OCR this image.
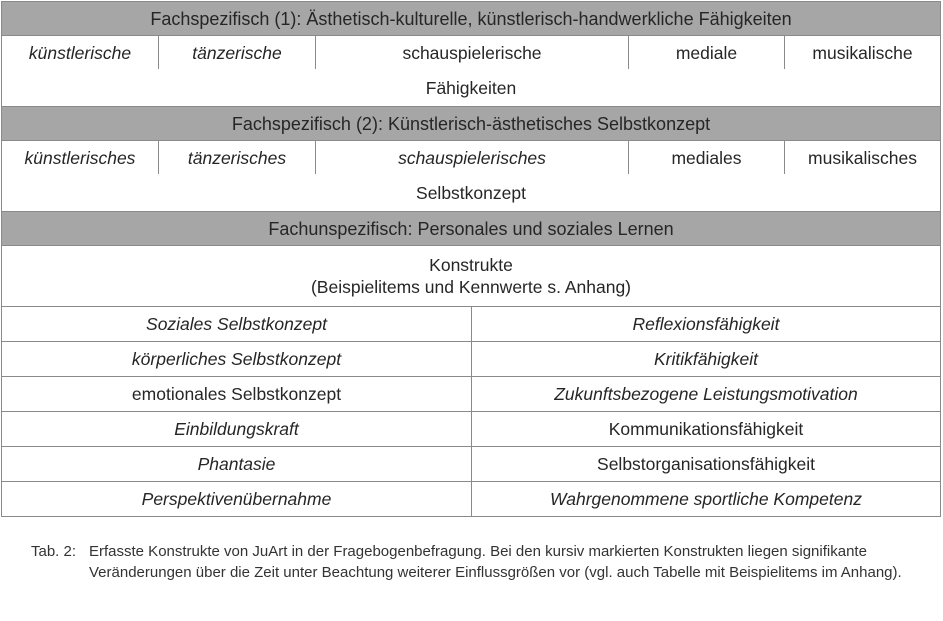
Fachspezifisch (1): Ästhetisch-kulturelle, künstlerisch-handwerkliche Fähigkeiten					
künstlerische	tänzerische	schauspielerische		mediale	musikalische
Fähigkeiten					
Fachspezifisch (2): Künstlerisch-ästhetisches Selbstkonzept					
künstlerisches	tänzerisches	schauspielerisches		mediales	musikalisches
Selbstkonzept					
Fachunspezifisch: Personales und soziales Lernen					

Konstrukte
(Beispielitems und Kennwerte s. Anhang)					

Soziales Selbstkonzept			Reflexionsfähigkeit		
körperliches Selbstkonzept			Kritikfähigkeit		
emotionales Selbstkonzept			Zukunftsbezogene Leistungsmotivation		
Einbildungskraft			Kommunikationsfähigkeit		
Phantasie			Selbstorganisationsfähigkeit		
Perspektivenübernahme			Wahrgenommene sportliche Kompetenz		
Tab. 2: Erfasste Konstrukte von JuArt in der Fragebogenbefragung. Bei den kursiv markierten Konstrukten liegen signifikante Veränderungen über die Zeit unter Beachtung weiterer Einflussgrößen vor (vgl. auch Tabelle mit Beispielitems im Anhang).
